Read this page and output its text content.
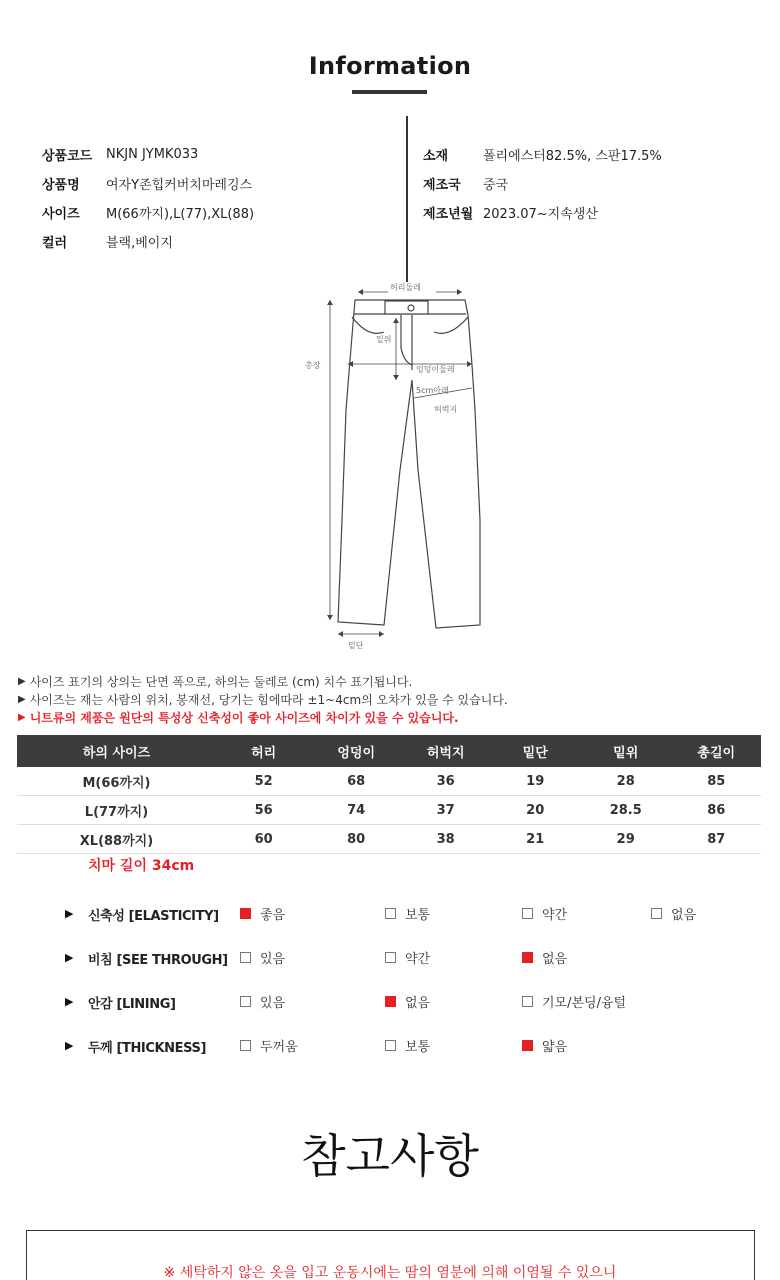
Information
상품코드	NKJN JYMK033
상품명	여자Y존힙커버치마레깅스
사이즈	M(66까지),L(77),XL(88)
컬러	블랙,베이지
소재	폴리에스터82.5%, 스판17.5%
제조국	중국
제조년월 2023.07~지속생산
허리둘레
총장
밑위
엉덩이둘레
5cm아래
허벅지
밑단
▶ 사이즈 표기의 상의는 단면 폭으로, 하의는 둘레로 (cm) 치수 표기됩니다.
▶ 사이즈는 재는 사람의 위치, 봉재선, 당기는 힘에따라 ±1~4cm의 오차가 있을 수 있습니다.
▶ 니트류의 제품은 원단의 특성상 신축성이 좋아 사이즈에 차이가 있을 수 있습니다.
하의 사이즈	허리	엉덩이	허벅지	밑단	밑위	총길이
M(66까지)	52	68	36	19	28	85
L(77까지)	56	74	37	20	28.5	86
XL(88까지)	60	80	38	21	29	87
치마 길이 34cm
▶ 신축성 [ELASTICITY]	좋음	보통	약간	없음
▶ 비침 [SEE THROUGH] 있음	약간	없음
▶ 안감 [LINING]	있음	없음	기모/본딩/융털
▶ 두께 [THICKNESS]	두꺼움	보통	얇음
참고사항
※ 세탁하지 않은 옷을 입고 운동시에는 땀의 염분에 의해 이염될 수 있으니
